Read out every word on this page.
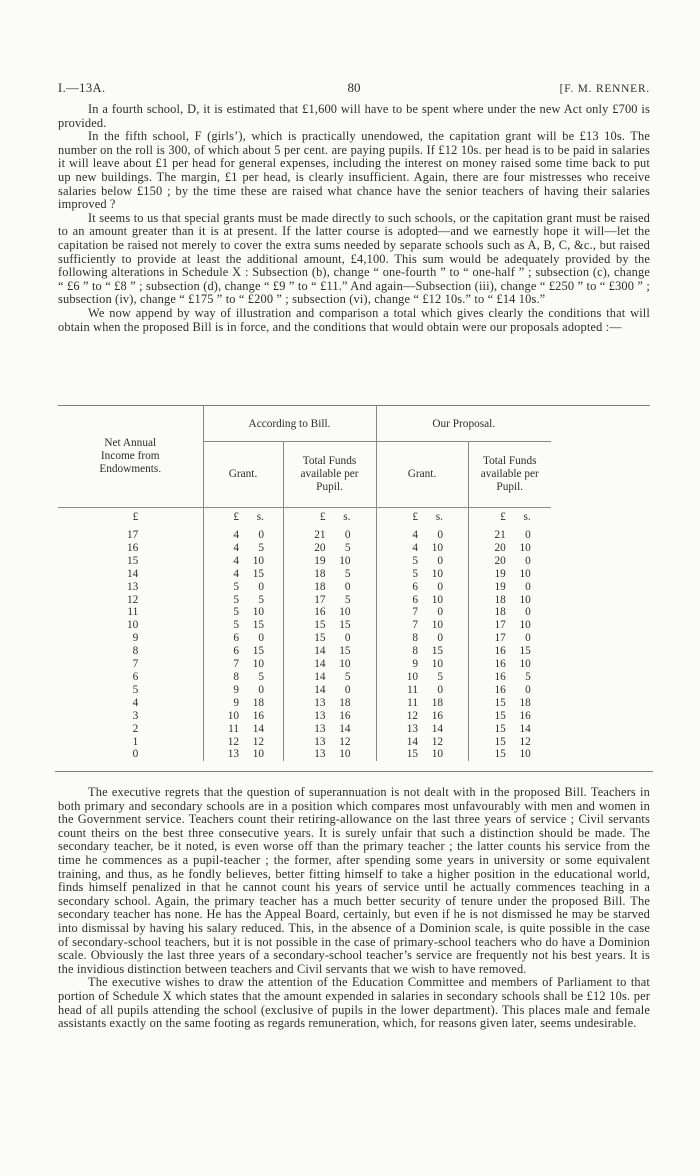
I.—13A.	80	[F. M. RENNER.

In a fourth school, D, it is estimated that £1,600 will have to be spent where under the new Act only £700 is provided.

In the fifth school, F (girls’), which is practically unendowed, the capitation grant will be £13 10s. The number on the roll is 300, of which about 5 per cent. are paying pupils. If £12 10s. per head is to be paid in salaries it will leave about £1 per head for general expenses, including the interest on money raised some time back to put up new buildings. The margin, £1 per head, is clearly insufficient. Again, there are four mistresses who receive salaries below £150 ; by the time these are raised what chance have the senior teachers of having their salaries improved ?

It seems to us that special grants must be made directly to such schools, or the capitation grant must be raised to an amount greater than it is at present. If the latter course is adopted—and we earnestly hope it will—let the capitation be raised not merely to cover the extra sums needed by separate schools such as A, B, C, &c., but raised sufficiently to provide at least the additional amount, £4,100. This sum would be adequately provided by the following alterations in Schedule X : Subsection (b), change “ one-fourth ” to “ one-half ” ; subsection (c), change “ £6 ” to “ £8 ” ; subsection (d), change “ £9 ” to “ £11.” And again—Subsection (iii), change “ £250 ” to “ £300 ” ; subsection (iv), change “ £175 ” to “ £200 ” ; subsection (vi), change “ £12 10s.” to “ £14 10s.”

We now append by way of illustration and comparison a total which gives clearly the conditions that will obtain when the proposed Bill is in force, and the conditions that would obtain were our proposals adopted :—

Net Annual Income from Endowments.	According to Bill.		Our Proposal.	
	Grant.	Total Funds available per Pupil.	Grant.	Total Funds available per Pupil.
£	£ s.	£ s.	£ s.	£ s.
17	4 0	21 0	4 0	21 0
16	4 5	20 5	4 10	20 10
15	4 10	19 10	5 0	20 0
14	4 15	18 5	5 10	19 10
13	5 0	18 0	6 0	19 0
12	5 5	17 5	6 10	18 10
11	5 10	16 10	7 0	18 0
10	5 15	15 15	7 10	17 10
9	6 0	15 0	8 0	17 0
8	6 15	14 15	8 15	16 15
7	7 10	14 10	9 10	16 10
6	8 5	14 5	10 5	16 5
5	9 0	14 0	11 0	16 0
4	9 18	13 18	11 18	15 18
3	10 16	13 16	12 16	15 16
2	11 14	13 14	13 14	15 14
1	12 12	13 12	14 12	15 12
0	13 10	13 10	15 10	15 10

The executive regrets that the question of superannuation is not dealt with in the proposed Bill. Teachers in both primary and secondary schools are in a position which compares most unfavourably with men and women in the Government service. Teachers count their retiring-allowance on the last three years of service ; Civil servants count theirs on the best three consecutive years. It is surely unfair that such a distinction should be made. The secondary teacher, be it noted, is even worse off than the primary teacher ; the latter counts his service from the time he commences as a pupil-teacher ; the former, after spending some years in university or some equivalent training, and thus, as he fondly believes, better fitting himself to take a higher position in the educational world, finds himself penalized in that he cannot count his years of service until he actually commences teaching in a secondary school. Again, the primary teacher has a much better security of tenure under the proposed Bill. The secondary teacher has none. He has the Appeal Board, certainly, but even if he is not dismissed he may be starved into dismissal by having his salary reduced. This, in the absence of a Dominion scale, is quite possible in the case of secondary-school teachers, but it is not possible in the case of primary-school teachers who do have a Dominion scale. Obviously the last three years of a secondary-school teacher’s service are frequently not his best years. It is the invidious distinction between teachers and Civil servants that we wish to have removed.

The executive wishes to draw the attention of the Education Committee and members of Parliament to that portion of Schedule X which states that the amount expended in salaries in secondary schools shall be £12 10s. per head of all pupils attending the school (exclusive of pupils in the lower department). This places male and female assistants exactly on the same footing as regards remuneration, which, for reasons given later, seems undesirable.
